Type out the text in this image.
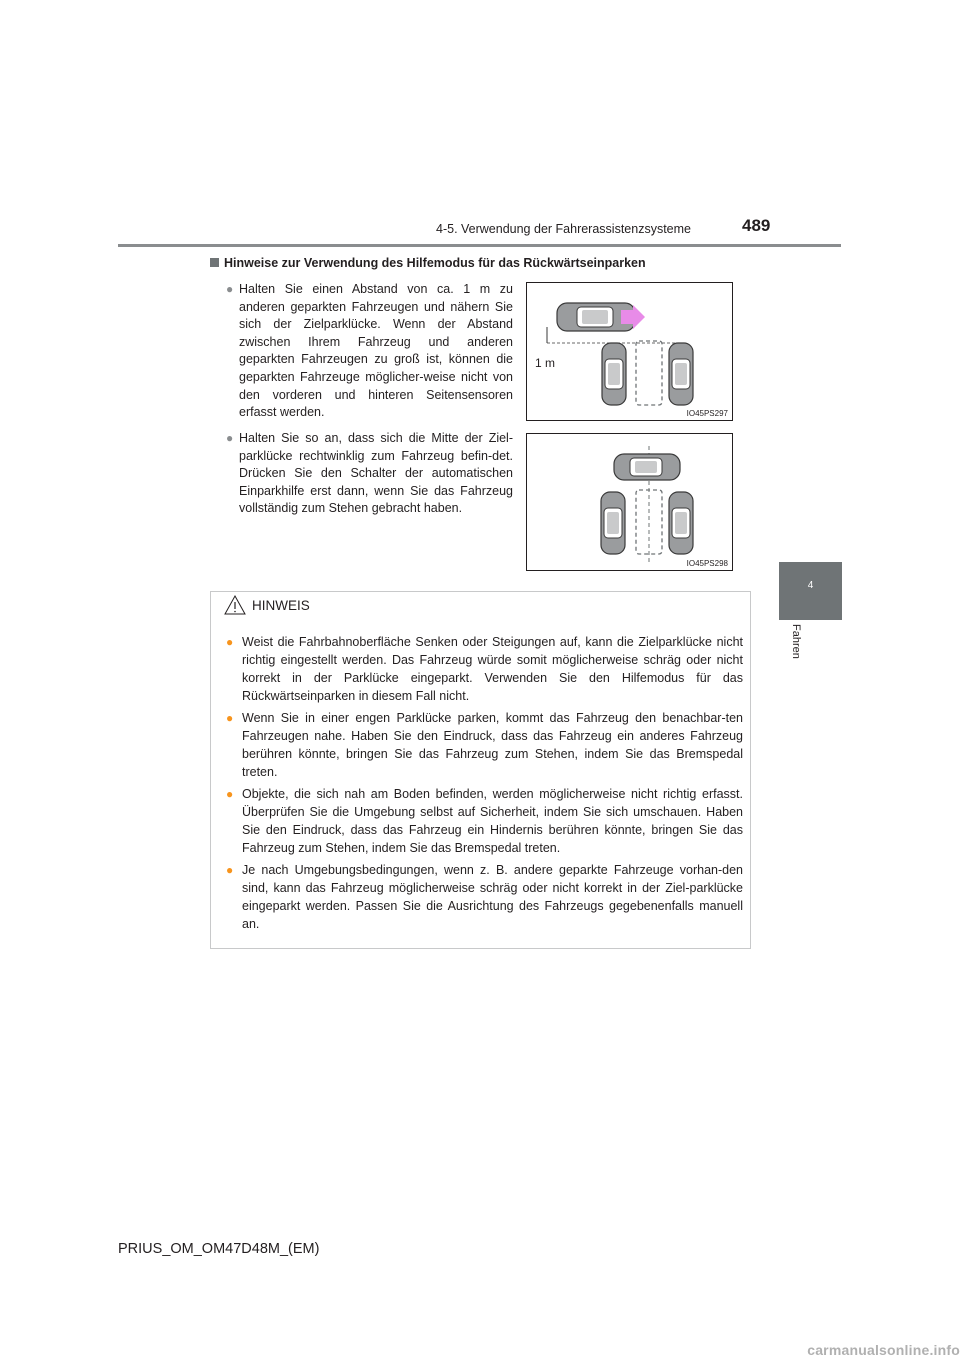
4-5. Verwendung der Fahrerassistenzsysteme	489
4
Fahren
Hinweise zur Verwendung des Hilfemodus für das Rückwärtseinparken
● Halten Sie einen Abstand von ca. 1 m zu anderen geparkten Fahrzeugen und nähern Sie sich der Zielparklücke. Wenn der Abstand zwischen Ihrem Fahrzeug und anderen geparkten Fahrzeugen zu groß ist, können die geparkten Fahrzeuge möglicher-weise nicht von den vorderen und hinteren Seitensensoren erfasst werden.
● Halten Sie so an, dass sich die Mitte der Ziel-parklücke rechtwinklig zum Fahrzeug befin-det. Drücken Sie den Schalter der automatischen Einparkhilfe erst dann, wenn Sie das Fahrzeug vollständig zum Stehen gebracht haben.
1 m
IO45PS297
IO45PS298
HINWEIS
● Weist die Fahrbahnoberfläche Senken oder Steigungen auf, kann die Zielparklücke nicht richtig eingestellt werden. Das Fahrzeug würde somit möglicherweise schräg oder nicht korrekt in der Parklücke eingeparkt. Verwenden Sie den Hilfemodus für das Rückwärtseinparken in diesem Fall nicht.
● Wenn Sie in einer engen Parklücke parken, kommt das Fahrzeug den benachbar-ten Fahrzeugen nahe. Haben Sie den Eindruck, dass das Fahrzeug ein anderes Fahrzeug berühren könnte, bringen Sie das Fahrzeug zum Stehen, indem Sie das Bremspedal treten.
● Objekte, die sich nah am Boden befinden, werden möglicherweise nicht richtig erfasst. Überprüfen Sie die Umgebung selbst auf Sicherheit, indem Sie sich umschauen. Haben Sie den Eindruck, dass das Fahrzeug ein Hindernis berühren könnte, bringen Sie das Fahrzeug zum Stehen, indem Sie das Bremspedal treten.
● Je nach Umgebungsbedingungen, wenn z. B. andere geparkte Fahrzeuge vorhan-den sind, kann das Fahrzeug möglicherweise schräg oder nicht korrekt in der Ziel-parklücke eingeparkt werden. Passen Sie die Ausrichtung des Fahrzeugs gegebenenfalls manuell an.
PRIUS_OM_OM47D48M_(EM)
carmanualsonline.info
